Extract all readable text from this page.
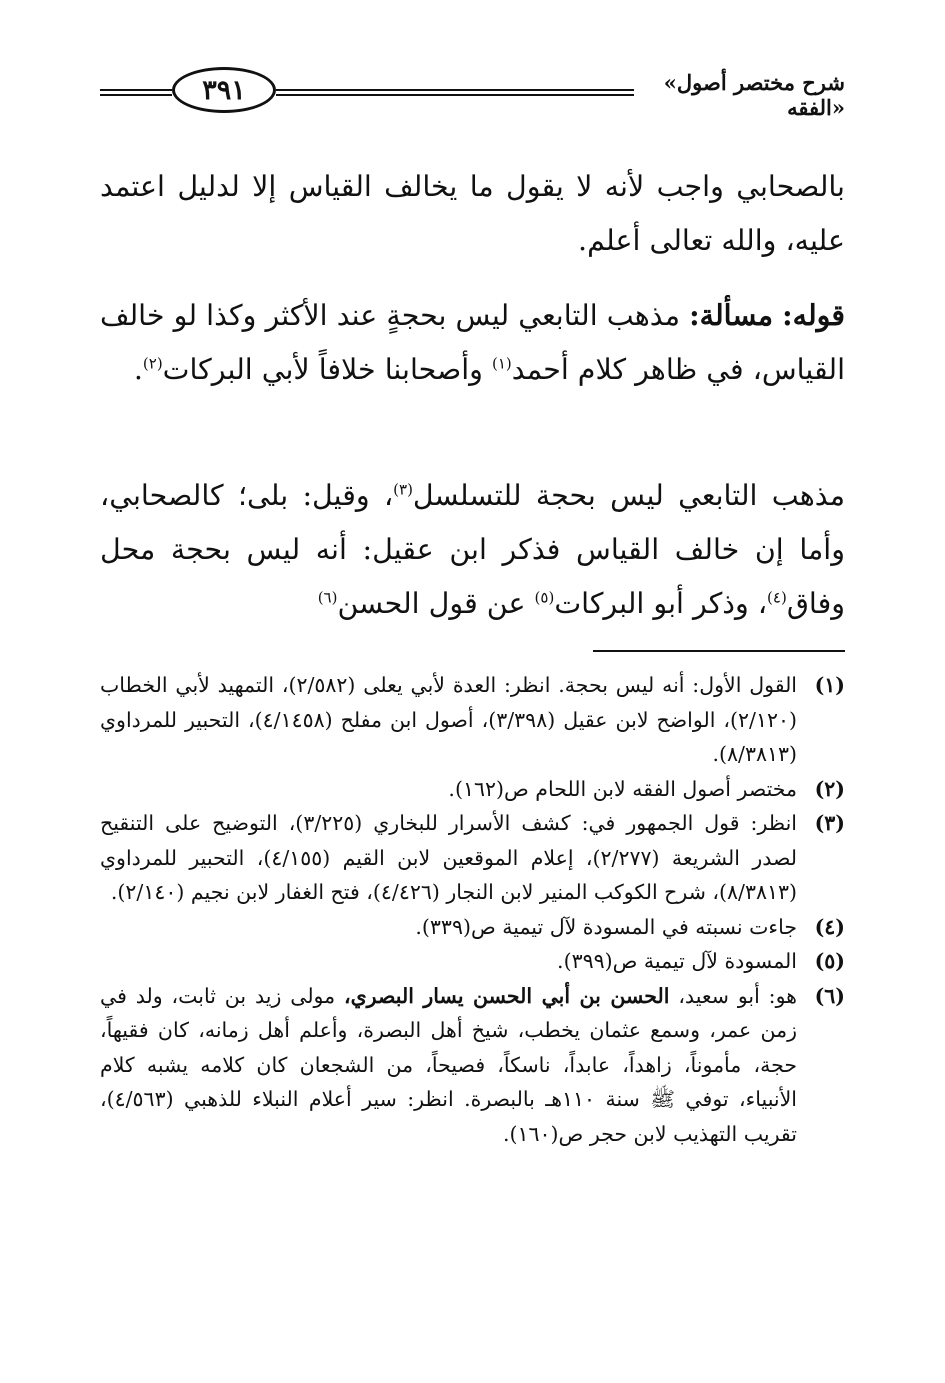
٣٩١	«شرح مختصر أصول الفقه»

بالصحابي واجب لأنه لا يقول ما يخالف القياس إلا لدليل اعتمد عليه، والله تعالى أعلم.

قوله: مسألة: مذهب التابعي ليس بحجةٍ عند الأكثر وكذا لو خالف القياس، في ظاهر كلام أحمد$^{(١)}$ وأصحابنا خلافاً لأبي البركات$^{(٢)}$.

مذهب التابعي ليس بحجة للتسلسل$^{(٣)}$، وقيل: بلى؛ كالصحابي، وأما إن خالف القياس فذكر ابن عقيل: أنه ليس بحجة محل وفاق$^{(٤)}$، وذكر أبو البركات$^{(٥)}$ عن قول الحسن$^{(٦)}$

(١)
القول الأول: أنه ليس بحجة. انظر: العدة لأبي يعلى (٢/٥٨٢)، التمهيد لأبي الخطاب (٢/١٢٠)، الواضح لابن عقيل (٣/٣٩٨)، أصول ابن مفلح (٤/١٤٥٨)، التحبير للمرداوي (٨/٣٨١٣).

(٢)
مختصر أصول الفقه لابن اللحام ص(١٦٢).

(٣)
انظر: قول الجمهور في: كشف الأسرار للبخاري (٣/٢٢٥)، التوضيح على التنقيح لصدر الشريعة (٢/٢٧٧)، إعلام الموقعين لابن القيم (٤/١٥٥)، التحبير للمرداوي (٨/٣٨١٣)، شرح الكوكب المنير لابن النجار (٤/٤٢٦)، فتح الغفار لابن نجيم (٢/١٤٠).

(٤)
جاءت نسبته في المسودة لآل تيمية ص(٣٣٩).

(٥)
المسودة لآل تيمية ص(٣٩٩).

(٦)
هو: أبو سعيد، الحسن بن أبي الحسن يسار البصري، مولى زيد بن ثابت، ولد في زمن عمر، وسمع عثمان يخطب، شيخ أهل البصرة، وأعلم أهل زمانه، كان فقيهاً، حجة، مأموناً، زاهداً، عابداً، ناسكاً، فصيحاً، من الشجعان كان كلامه يشبه كلام الأنبياء، توفي ﷺ سنة ١١٠هـ بالبصرة. انظر: سير أعلام النبلاء للذهبي (٤/٥٦٣)، تقريب التهذيب لابن حجر ص(١٦٠).
